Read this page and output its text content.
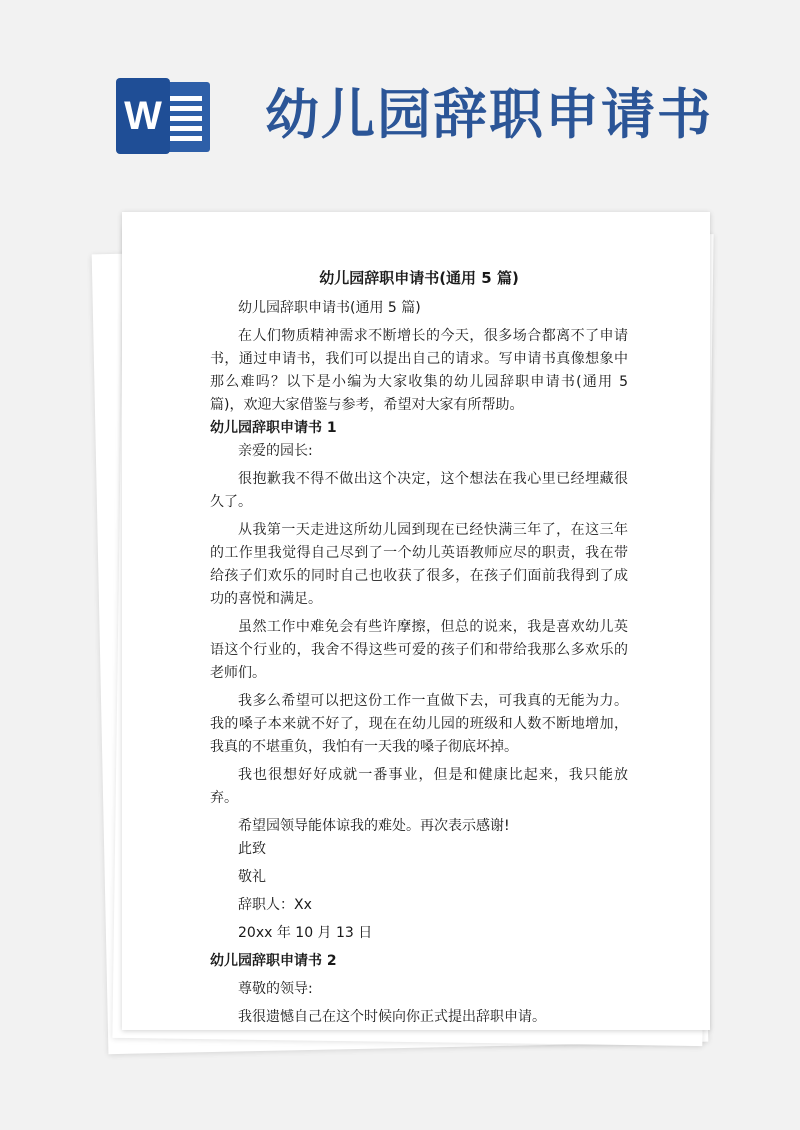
W 幼儿园辞职申请书

幼儿园辞职申请书(通用 5 篇)

幼儿园辞职申请书(通用 5 篇)

在人们物质精神需求不断增长的今天，很多场合都离不了申请书，通过申请书，我们可以提出自己的请求。写申请书真像想象中那么难吗？以下是小编为大家收集的幼儿园辞职申请书(通用 5 篇)，欢迎大家借鉴与参考，希望对大家有所帮助。

幼儿园辞职申请书 1

亲爱的园长:

很抱歉我不得不做出这个决定，这个想法在我心里已经埋藏很久了。

从我第一天走进这所幼儿园到现在已经快满三年了，在这三年的工作里我觉得自己尽到了一个幼儿英语教师应尽的职责，我在带给孩子们欢乐的同时自己也收获了很多，在孩子们面前我得到了成功的喜悦和满足。

虽然工作中难免会有些许摩擦，但总的说来，我是喜欢幼儿英语这个行业的，我舍不得这些可爱的孩子们和带给我那么多欢乐的老师们。

我多么希望可以把这份工作一直做下去，可我真的无能为力。我的嗓子本来就不好了，现在在幼儿园的班级和人数不断地增加，我真的不堪重负，我怕有一天我的嗓子彻底坏掉。

我也很想好好成就一番事业，但是和健康比起来，我只能放弃。

希望园领导能体谅我的难处。再次表示感谢!

此致

敬礼

辞职人：Xx

20xx 年 10 月 13 日

幼儿园辞职申请书 2

尊敬的领导:

我很遗憾自己在这个时候向你正式提出辞职申请。
